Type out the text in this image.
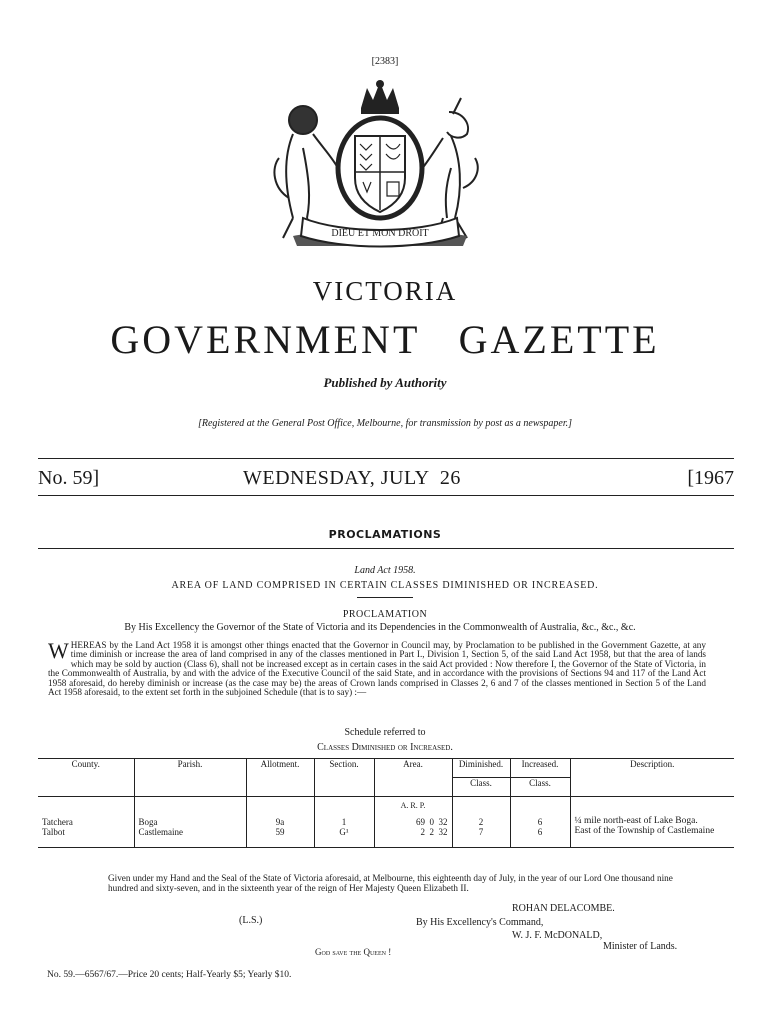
[2383]
DIEU ET MON DROIT
VICTORIA
GOVERNMENT   GAZETTE
Published by Authority
[Registered at the General Post Office, Melbourne, for transmission by post as a newspaper.]
No. 59]	WEDNESDAY, JULY  26	[1967
PROCLAMATIONS
Land Act 1958.
AREA OF LAND COMPRISED IN CERTAIN CLASSES DIMINISHED OR INCREASED.
PROCLAMATION
By His Excellency the Governor of the State of Victoria and its Dependencies in the Commonwealth of Australia, &c., &c., &c.
WHEREAS by the Land Act 1958 it is amongst other things enacted that the Governor in Council may, by Proclamation to be published in the Government Gazette, at any time diminish or increase the area of land comprised in any of the classes mentioned in Part I., Division 1, Section 5, of the said Land Act 1958, but that the area of lands which may be sold by auction (Class 6), shall not be increased except as in certain cases in the said Act provided : Now therefore I, the Governor of the State of Victoria, in the Commonwealth of Australia, by and with the advice of the Executive Council of the said State, and in accordance with the provisions of Sections 94 and 117 of the Land Act 1958 aforesaid, do hereby diminish or increase (as the case may be) the areas of Crown lands comprised in Classes 2, 6 and 7 of the classes mentioned in Section 5 of the Land Act 1958 aforesaid, to the extent set forth in the subjoined Schedule (that is to say) :—
Schedule referred to
Classes Diminished or Increased.
County.	Parish.	Allotment.	Section.	Area.	Diminished.	Increased.	Description.
					Class.	Class.	
				A. R. P.			
Tatchera	Boga	9a	1	69  0  32	2	6	¼ mile north-east of Lake Boga.
Talbot	Castlemaine	59	G¹	2  2  32	7	6	East of the Township of Castlemaine

Given under my Hand and the Seal of the State of Victoria aforesaid, at Melbourne, this eighteenth day of July, in the year of our Lord One thousand nine hundred and sixty-seven, and in the sixteenth year of the reign of Her Majesty Queen Elizabeth II.
ROHAN DELACOMBE.
(L.S.)	By His Excellency's Command,
W. J. F. McDONALD,
Minister of Lands.
God save the Queen !
No. 59.—6567/67.—Price 20 cents; Half-Yearly $5; Yearly $10.
